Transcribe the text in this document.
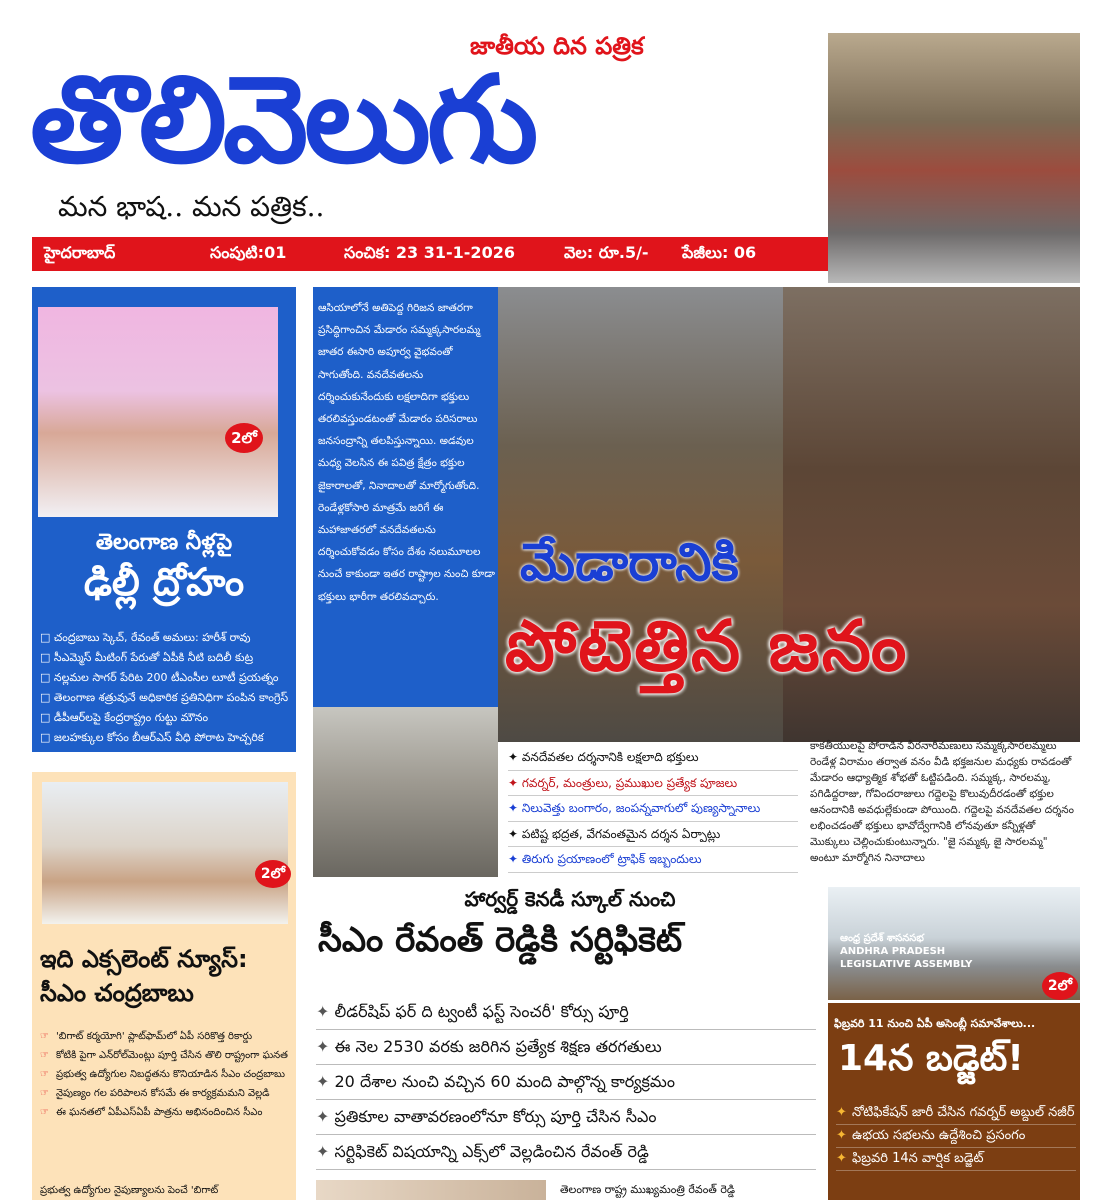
తొలివెలుగు
జాతీయ దిన పత్రిక
మన భాష.. మన పత్రిక..
హైదరాబాద్	సంపుటి:01	సంచిక: 23 31-1-2026	వెల: రూ.5/- పేజీలు: 06
2లో
తెలంగాణ నీళ్లపై
ఢిల్లీ ద్రోహం
□ చంద్రబాబు స్కెచ్, రేవంత్ అమలు: హరీశ్ రావు
□ సీఎమ్మెస్ మీటింగ్ పేరుతో ఏపీకి నీటి బదిలీ కుట్ర
□ నల్లమల సాగర్ పేరిట 200 టీఎంసీల లూటీ ప్రయత్నం
□ తెలంగాణ శత్రువునే అధికారిక ప్రతినిధిగా పంపిన కాంగ్రెస్
□ డీపీఆర్‌లపై కేంద్రరాష్ట్రం గుట్టు మౌనం
□ జలహక్కుల కోసం బీఆర్ఎస్ వీధి పోరాట హెచ్చరిక
2లో
ఇది ఎక్సలెంట్ న్యూస్:
సీఎం చంద్రబాబు
☞ 'బిగాట్ కర్మయోగి' ప్లాట్‌ఫామ్‌లో ఏపీ సరికొత్త రికార్డు
☞ కోటికి పైగా ఎన్‌రోల్‌మెంట్లు పూర్తి చేసిన తొలి రాష్ట్రంగా ఘనత
☞ ప్రభుత్వ ఉద్యోగుల నిబద్ధతను కొనియాడిన సీఎం చంద్రబాబు
☞ నైపుణ్యం గల పరిపాలన కోసమే ఈ కార్యక్రమమని వెల్లడి
☞ ఈ ఘనతలో ఏపీఎస్ఏపీ పాత్రను అభినందించిన సీఎం
ప్రభుత్వ ఉద్యోగుల నైపుణ్యాలను పెంచే 'బిగాట్
ఆసియాలోనే అతిపెద్ద గిరిజన జాతరగా ప్రసిద్ధిగాంచిన మేడారం సమ్మక్కసారలమ్మ జాతర ఈసారి అపూర్వ వైభవంతో సాగుతోంది. వనదేవతలను దర్శించుకునేందుకు లక్షలాదిగా భక్తులు తరలివస్తుండటంతో మేడారం పరిసరాలు జనసంద్రాన్ని తలపిస్తున్నాయి. అడవుల మధ్య వెలసిన ఈ పవిత్ర క్షేత్రం భక్తుల జైకారాలతో, నినాదాలతో మార్మోగుతోంది. రెండేళ్లకోసారి మాత్రమే జరిగే ఈ మహాజాతరలో వనదేవతలను దర్శించుకోవడం కోసం దేశం నలుమూలల నుంచే కాకుండా ఇతర రాష్ట్రాల నుంచి కూడా భక్తులు భారీగా తరలివచ్చారు.
మేడారానికి
పోటెత్తిన జనం
✦ వనదేవతల దర్శనానికి లక్షలాది భక్తులు
✦ గవర్నర్, మంత్రులు, ప్రముఖుల ప్రత్యేక పూజలు
✦ నిలువెత్తు బంగారం, జంపన్నవాగులో పుణ్యస్నానాలు
✦ పటిష్ట భద్రత, వేగవంతమైన దర్శన ఏర్పాట్లు
✦ తిరుగు ప్రయాణంలో ట్రాఫిక్ ఇబ్బందులు
కాకతీయులపై పోరాడిన వీరనారీమణులు సమ్మక్కసారలమ్మలు రెండేళ్ల విరామం తర్వాత వనం వీడి భక్తజనుల మధ్యకు రావడంతో మేడారం ఆధ్యాత్మిక శోభతో ఓట్టిపడింది. సమ్మక్క, సారలమ్మ, పగిడిద్దరాజు, గోవిందరాజులు గద్దెలపై కొలువుదీరడంతో భక్తుల ఆనందానికి అవధుల్లేకుండా పోయింది. గద్దెలపై వనదేవతల దర్శనం లభించడంతో భక్తులు భావోద్వేగానికి లోనవుతూ కన్నీళ్లతో మొక్కులు చెల్లించుకుంటున్నారు. "జై సమ్మక్క జై సారలమ్మ" అంటూ మార్మోగిన నినాదాలు
హార్వర్డ్ కెనడీ స్కూల్ నుంచి
సీఎం రేవంత్ రెడ్డికి సర్టిఫికెట్
✦ లీడర్‌షిప్ ఫర్ ది ట్వంటీ ఫస్ట్ సెంచరీ' కోర్సు పూర్తి
✦ ఈ నెల 2530 వరకు జరిగిన ప్రత్యేక శిక్షణ తరగతులు
✦ 20 దేశాల నుంచి వచ్చిన 60 మంది పాల్గొన్న కార్యక్రమం
✦ ప్రతికూల వాతావరణంలోనూ కోర్సు పూర్తి చేసిన సీఎం
✦ సర్టిఫికెట్ విషయాన్ని ఎక్స్‌లో వెల్లడించిన రేవంత్ రెడ్డి
తెలంగాణ రాష్ట్ర ముఖ్యమంత్రి రేవంత్ రెడ్డి
ఆంధ్ర ప్రదేశ్ శాసనసభ
ANDHRA PRADESH
LEGISLATIVE ASSEMBLY
2లో
ఫిబ్రవరి 11 నుంచి ఏపీ అసెంబ్లీ సమావేశాలు...
14న బడ్జెట్!
✦ నోటిఫికేషన్ జారీ చేసిన గవర్నర్ అబ్దుల్ నజీర్
✦ ఉభయ సభలను ఉద్దేశించి ప్రసంగం
✦ ఫిబ్రవరి 14న వార్షిక బడ్జెట్
